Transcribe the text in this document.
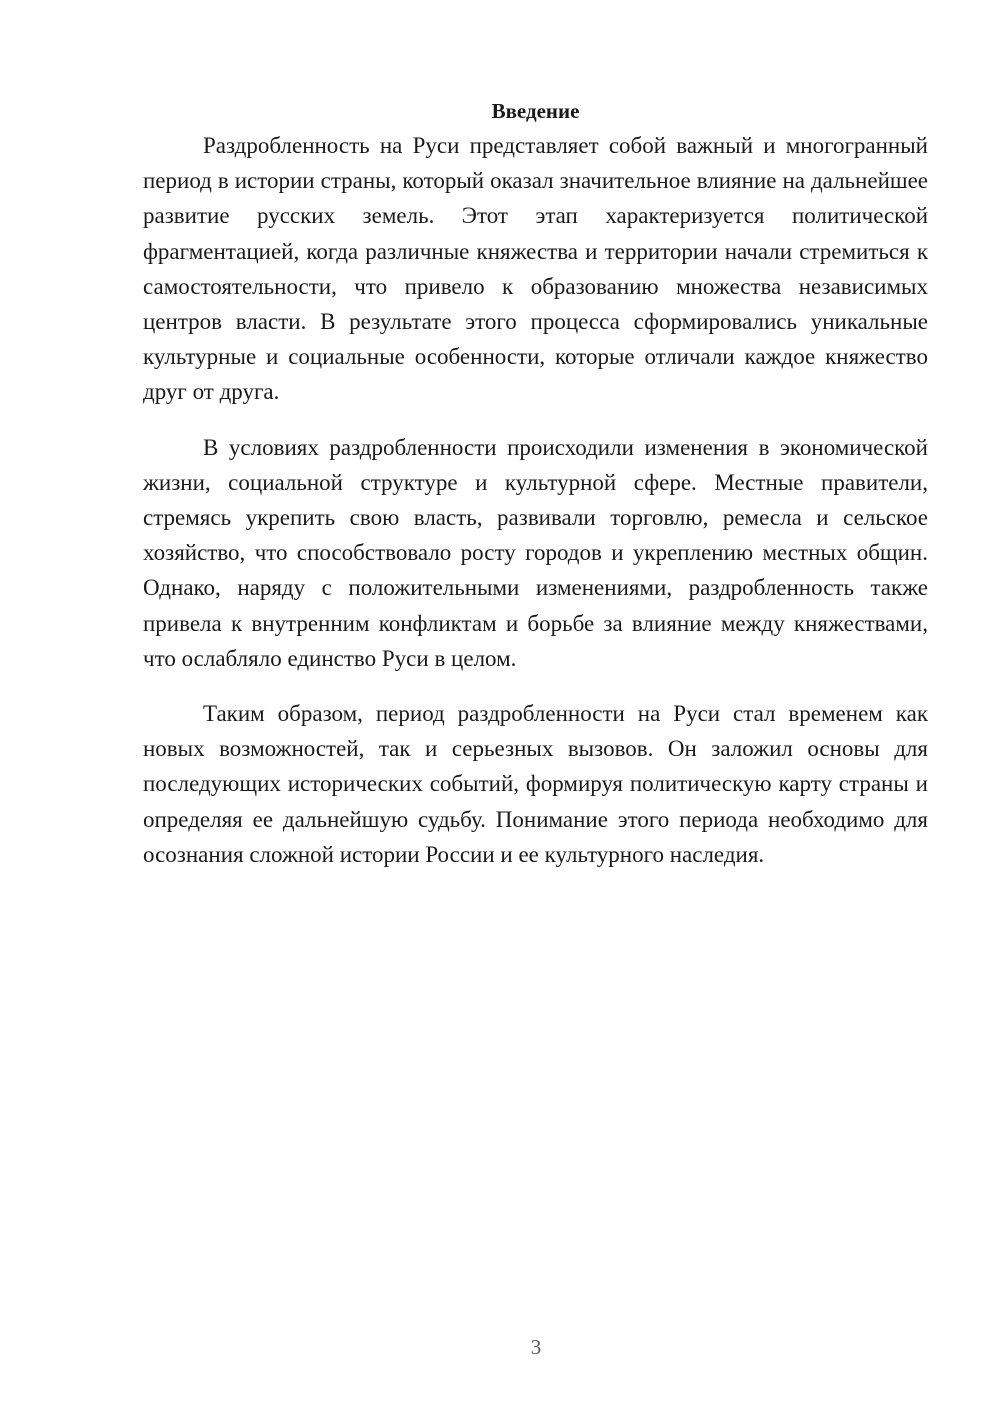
Введение

Раздробленность на Руси представляет собой важный и многогранный период в истории страны, который оказал значительное влияние на дальнейшее развитие русских земель. Этот этап характеризуется политической фрагментацией, когда различные княжества и территории начали стремиться к самостоятельности, что привело к образованию множества независимых центров власти. В результате этого процесса сформировались уникальные культурные и социальные особенности, которые отличали каждое княжество друг от друга.

В условиях раздробленности происходили изменения в экономической жизни, социальной структуре и культурной сфере. Местные правители, стремясь укрепить свою власть, развивали торговлю, ремесла и сельское хозяйство, что способствовало росту городов и укреплению местных общин. Однако, наряду с положительными изменениями, раздробленность также привела к внутренним конфликтам и борьбе за влияние между княжествами, что ослабляло единство Руси в целом.

Таким образом, период раздробленности на Руси стал временем как новых возможностей, так и серьезных вызовов. Он заложил основы для последующих исторических событий, формируя политическую карту страны и определяя ее дальнейшую судьбу. Понимание этого периода необходимо для осознания сложной истории России и ее культурного наследия.

3
